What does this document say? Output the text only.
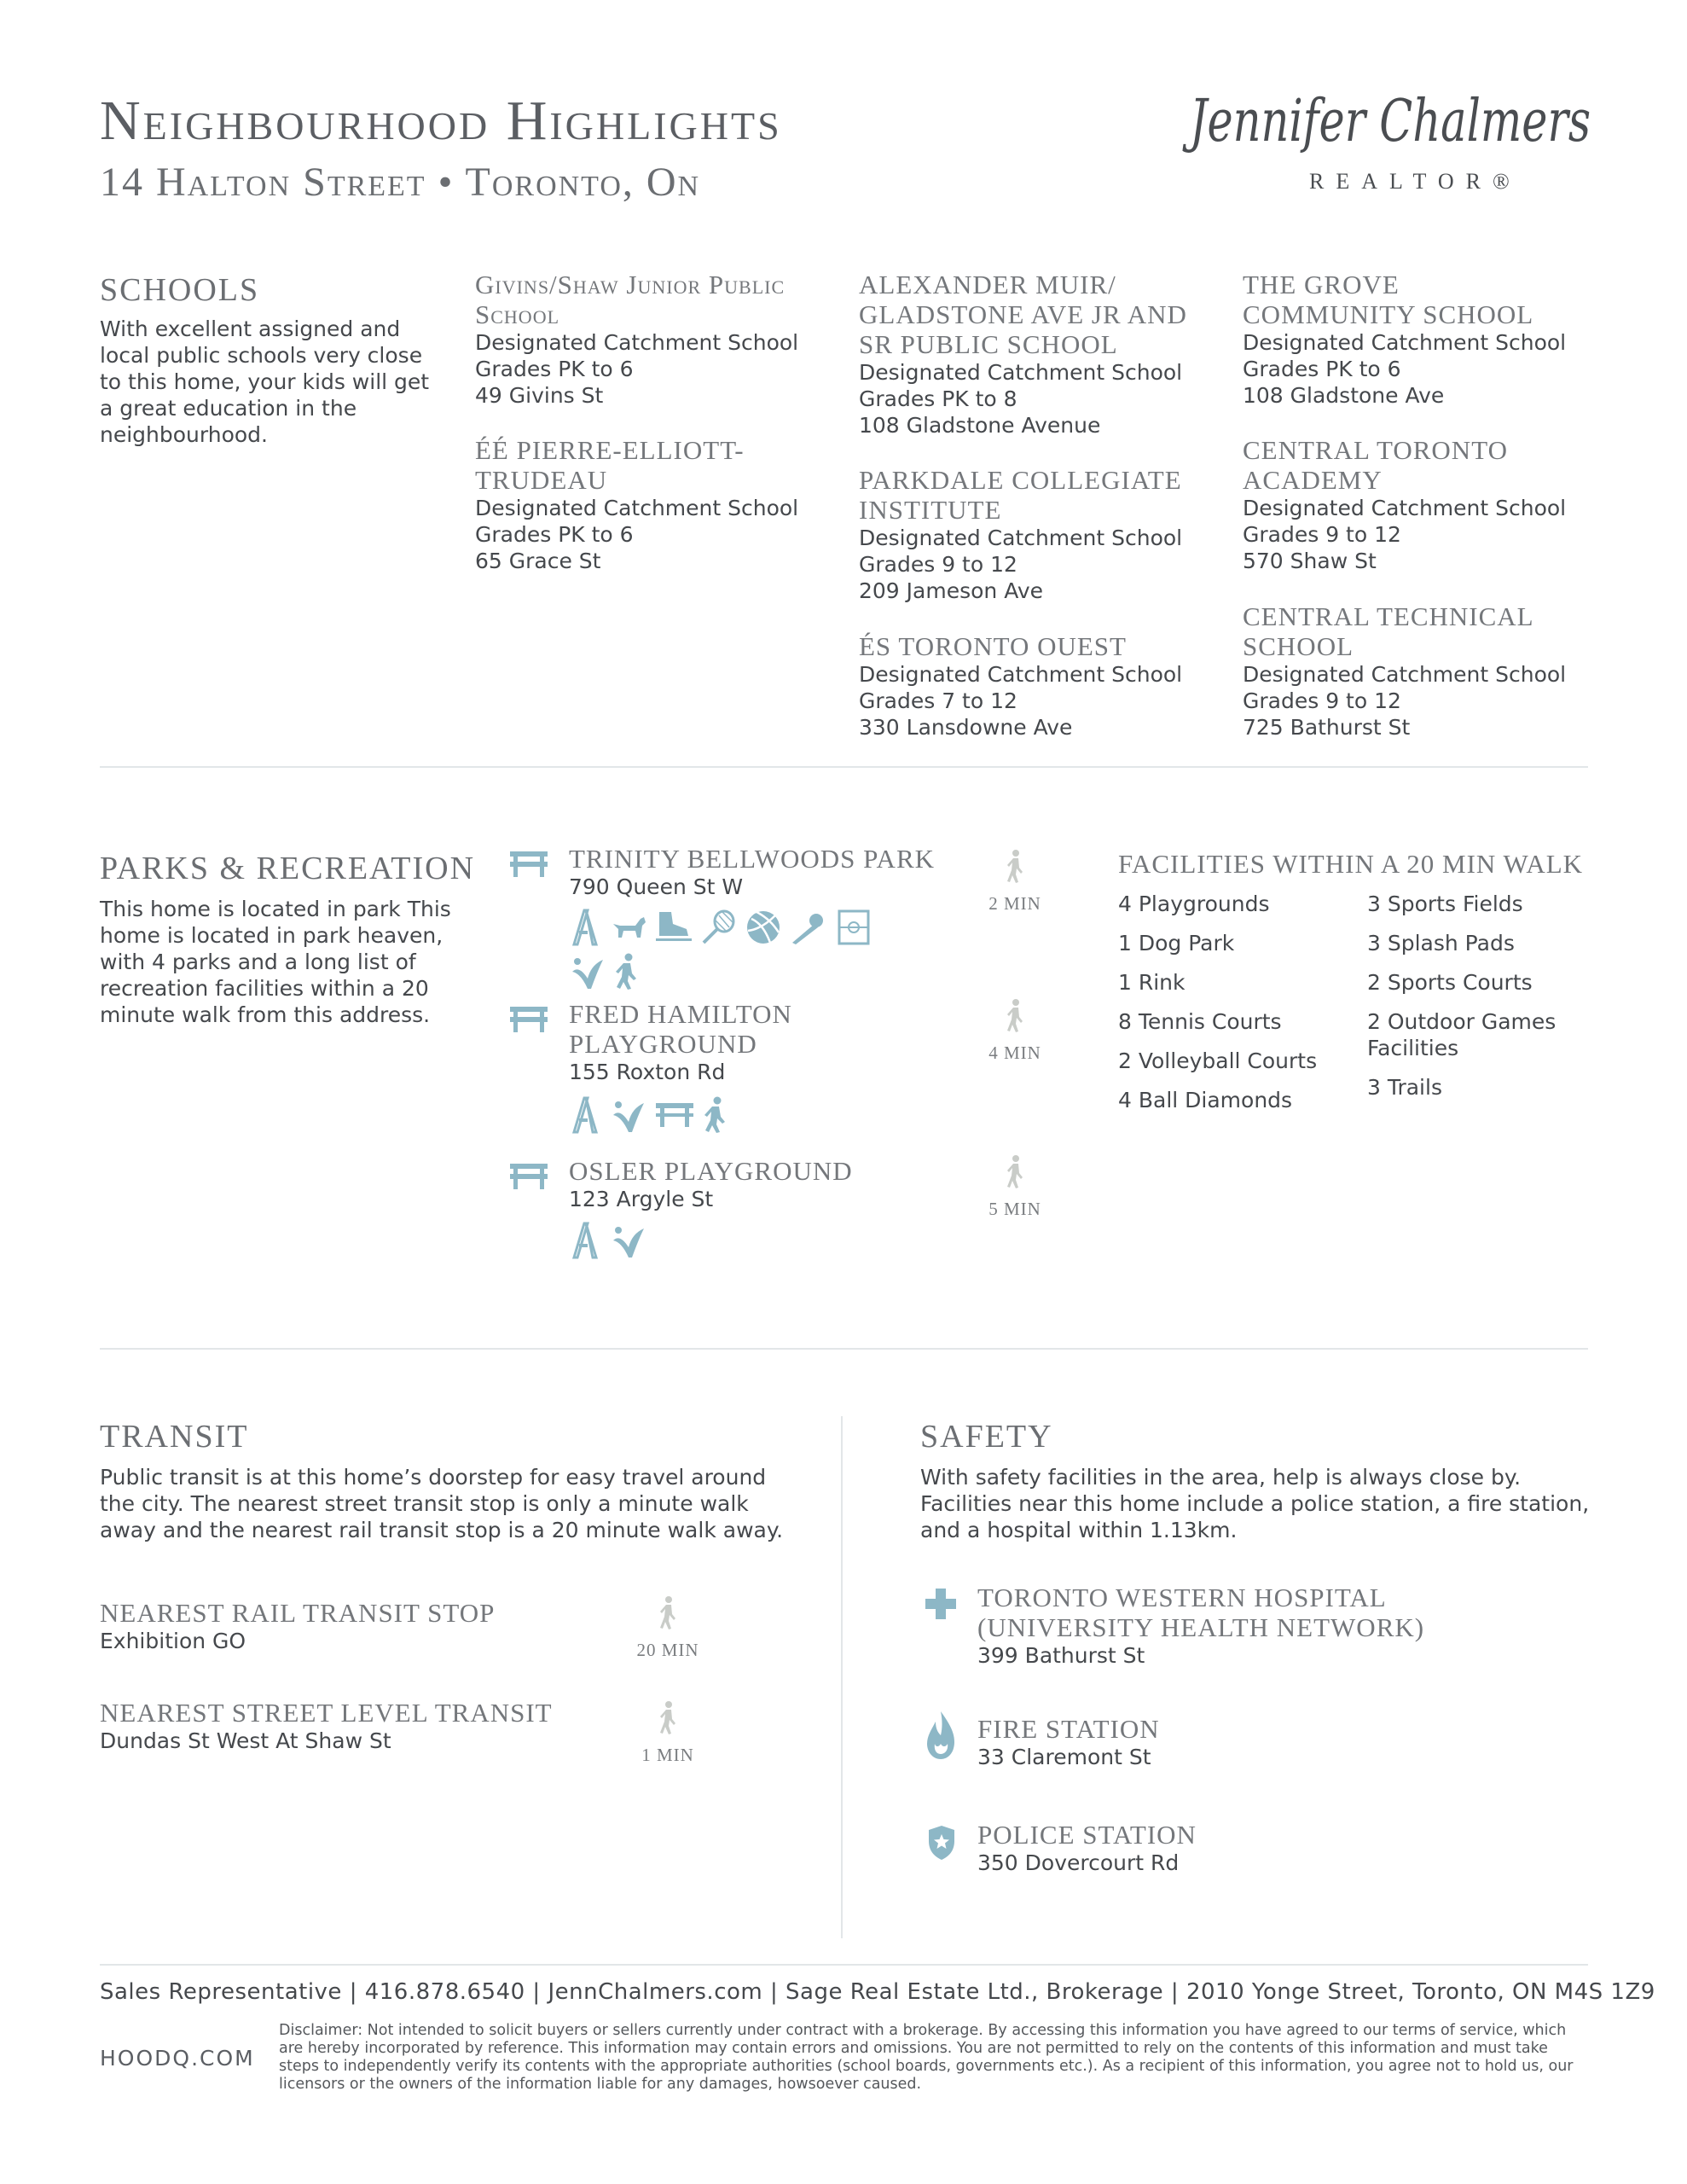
Neighbourhood Highlights
14 Halton Street • Toronto, On
Jennifer Chalmers
REALTOR®
SCHOOLS
With excellent assigned and local public schools very close to this home, your kids will get a great education in the neighbourhood.
Givins/Shaw Junior Public School
Designated Catchment School
Grades PK to 6
49 Givins St
ÉÉ PIERRE-ELLIOTT-TRUDEAU
Designated Catchment School
Grades PK to 6
65 Grace St
ALEXANDER MUIR/ GLADSTONE AVE JR AND SR PUBLIC SCHOOL
Designated Catchment School
Grades PK to 8
108 Gladstone Avenue
PARKDALE COLLEGIATE INSTITUTE
Designated Catchment School
Grades 9 to 12
209 Jameson Ave
ÉS TORONTO OUEST
Designated Catchment School
Grades 7 to 12
330 Lansdowne Ave
THE GROVE COMMUNITY SCHOOL
Designated Catchment School
Grades PK to 6
108 Gladstone Ave
CENTRAL TORONTO ACADEMY
Designated Catchment School
Grades 9 to 12
570 Shaw St
CENTRAL TECHNICAL SCHOOL
Designated Catchment School
Grades 9 to 12
725 Bathurst St
PARKS & RECREATION
This home is located in park This home is located in park heaven, with 4 parks and a long list of recreation facilities within a 20 minute walk from this address.
TRINITY BELLWOODS PARK
790 Queen St W
2 MIN
FRED HAMILTON PLAYGROUND
155 Roxton Rd
4 MIN
OSLER PLAYGROUND
123 Argyle St	5 MIN
FACILITIES WITHIN A 20 MIN WALK
4 Playgrounds
1 Dog Park
1 Rink
8 Tennis Courts
2 Volleyball Courts
4 Ball Diamonds
3 Sports Fields
3 Splash Pads
2 Sports Courts
2 Outdoor Games Facilities
3 Trails
TRANSIT
Public transit is at this home’s doorstep for easy travel around the city. The nearest street transit stop is only a minute walk away and the nearest rail transit stop is a 20 minute walk away.
NEAREST RAIL TRANSIT STOP
Exhibition GO	20 MIN
NEAREST STREET LEVEL TRANSIT
Dundas St West At Shaw St
1 MIN
SAFETY
With safety facilities in the area, help is always close by. Facilities near this home include a police station, a fire station, and a hospital within 1.13km.
TORONTO WESTERN HOSPITAL (UNIVERSITY HEALTH NETWORK)
399 Bathurst St
FIRE STATION
33 Claremont St
POLICE STATION
350 Dovercourt Rd
Sales Representative | 416.878.6540 | JennChalmers.com | Sage Real Estate Ltd., Brokerage | 2010 Yonge Street, Toronto, ON M4S 1Z9
HOODQ.COM
Disclaimer: Not intended to solicit buyers or sellers currently under contract with a brokerage. By accessing this information you have agreed to our terms of service, which are hereby incorporated by reference. This information may contain errors and omissions. You are not permitted to rely on the contents of this information and must take steps to independently verify its contents with the appropriate authorities (school boards, governments etc.). As a recipient of this information, you agree not to hold us, our licensors or the owners of the information liable for any damages, howsoever caused.
